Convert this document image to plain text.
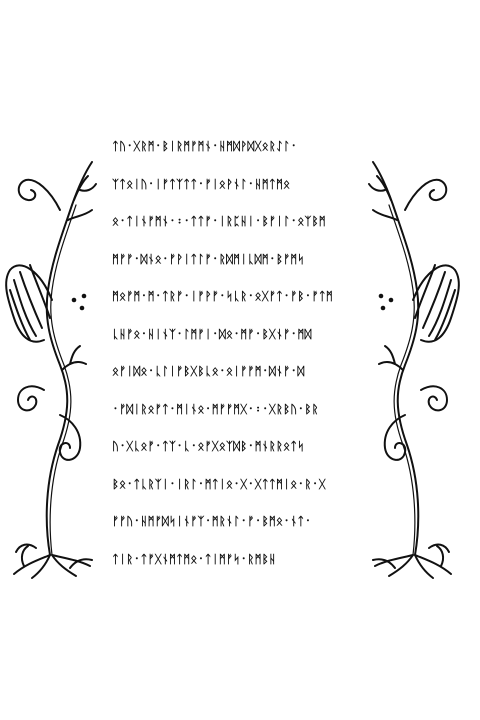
ᛏᚢ᛫ᚷᚱᛗ᛫ᛒᛁᚱᛗᚠᛗᚾ᛫ᚺᛗᛞᚹᛞᚷᛟᚱᛇᛚ᛫
ᛉᛏᛟᛁᚢ᛫ᛁᚠᛏᛉᛏᛏ᛫ᚠᛁᛟᚹᚾᛚ᛫ᚺᛗᛏᛗᛟ
ᛟ᛫ᛏᛁᚾᚠᛗᚾ᛫᛬᛫ᛏᛏᚠ᛫ᛁᚱᛈᚺᛁ᛫ᛒᚠᛁᛚ᛫ᛟᛉᛒᛗ
ᛗᚠᚠ᛫ᛞᚾᛟ᛫ᚠᚹᛁᛏᛚᚠ᛫ᚱᛞᛗᛁᚳᛞᛗ᛫ᛒᚠᛗᛋ
ᛗᛟᚠᛗ᛫ᛗ᛫ᛏᚱᚠ᛫ᛁᚠᚹᚠ᛫ᛋᚳᚱ᛫ᛟᚷᚠᛏ᛫ᚠᛒ᛫ᚠᛏᛗ
ᚳᚺᚠᛟ᛫ᚺᛁᚾᛉ᛫ᛚᛗᚠᛁ᛫ᛞᛟ᛫ᛗᚠ᛫ᛒᚷᚾᚠ᛫ᛗᛞ
ᛟᚠᛁᛞᛟ᛫ᚳᛚᛁᚠᛒᚷᛒᚳᛟ᛫ᛟᛁᚠᚠᛗ᛫ᛞᚾᚠ᛫ᛞ
᛫ᚠᛞᛁᚱᛟᚠᛏ᛫ᛗᛁᚾᛟ᛫ᛗᚠᚠᛗᚷ᛫᛬᛫ᚷᚱᛒᚢ᛫ᛒᚱ
ᚢ᛫ᚷᚳᛟᚠ᛫ᛏᛉ᛫ᚳ᛫ᛟᚠᚷᛟᛉᛞᛒ᛫ᛗᚾᚱᚱᛟᛏᛋ
ᛒᛟ᛫ᛏᚳᚱᛉᛁ᛫ᛁᚱᛚ᛫ᛗᛏᛁᛟ᛫ᚷ᛫ᚷᛏᛏᛗᛁᛟ᛫ᚱ᛫ᚷ
ᚠᚠᚢ᛫ᚺᛗᚠᛞᛋᛁᚾᚠᛉ᛫ᛗᚱᚾᛚ᛫ᚠ᛫ᛒᛗᛟ᛫ᚾᛏ᛫
ᛏᛁᚱ᛫ᛏᚠᚷᚾᛗᛏᛗᛟ᛫ᛏᛁᛗᚠᛋ᛫ᚱᛗᛒᚺ
